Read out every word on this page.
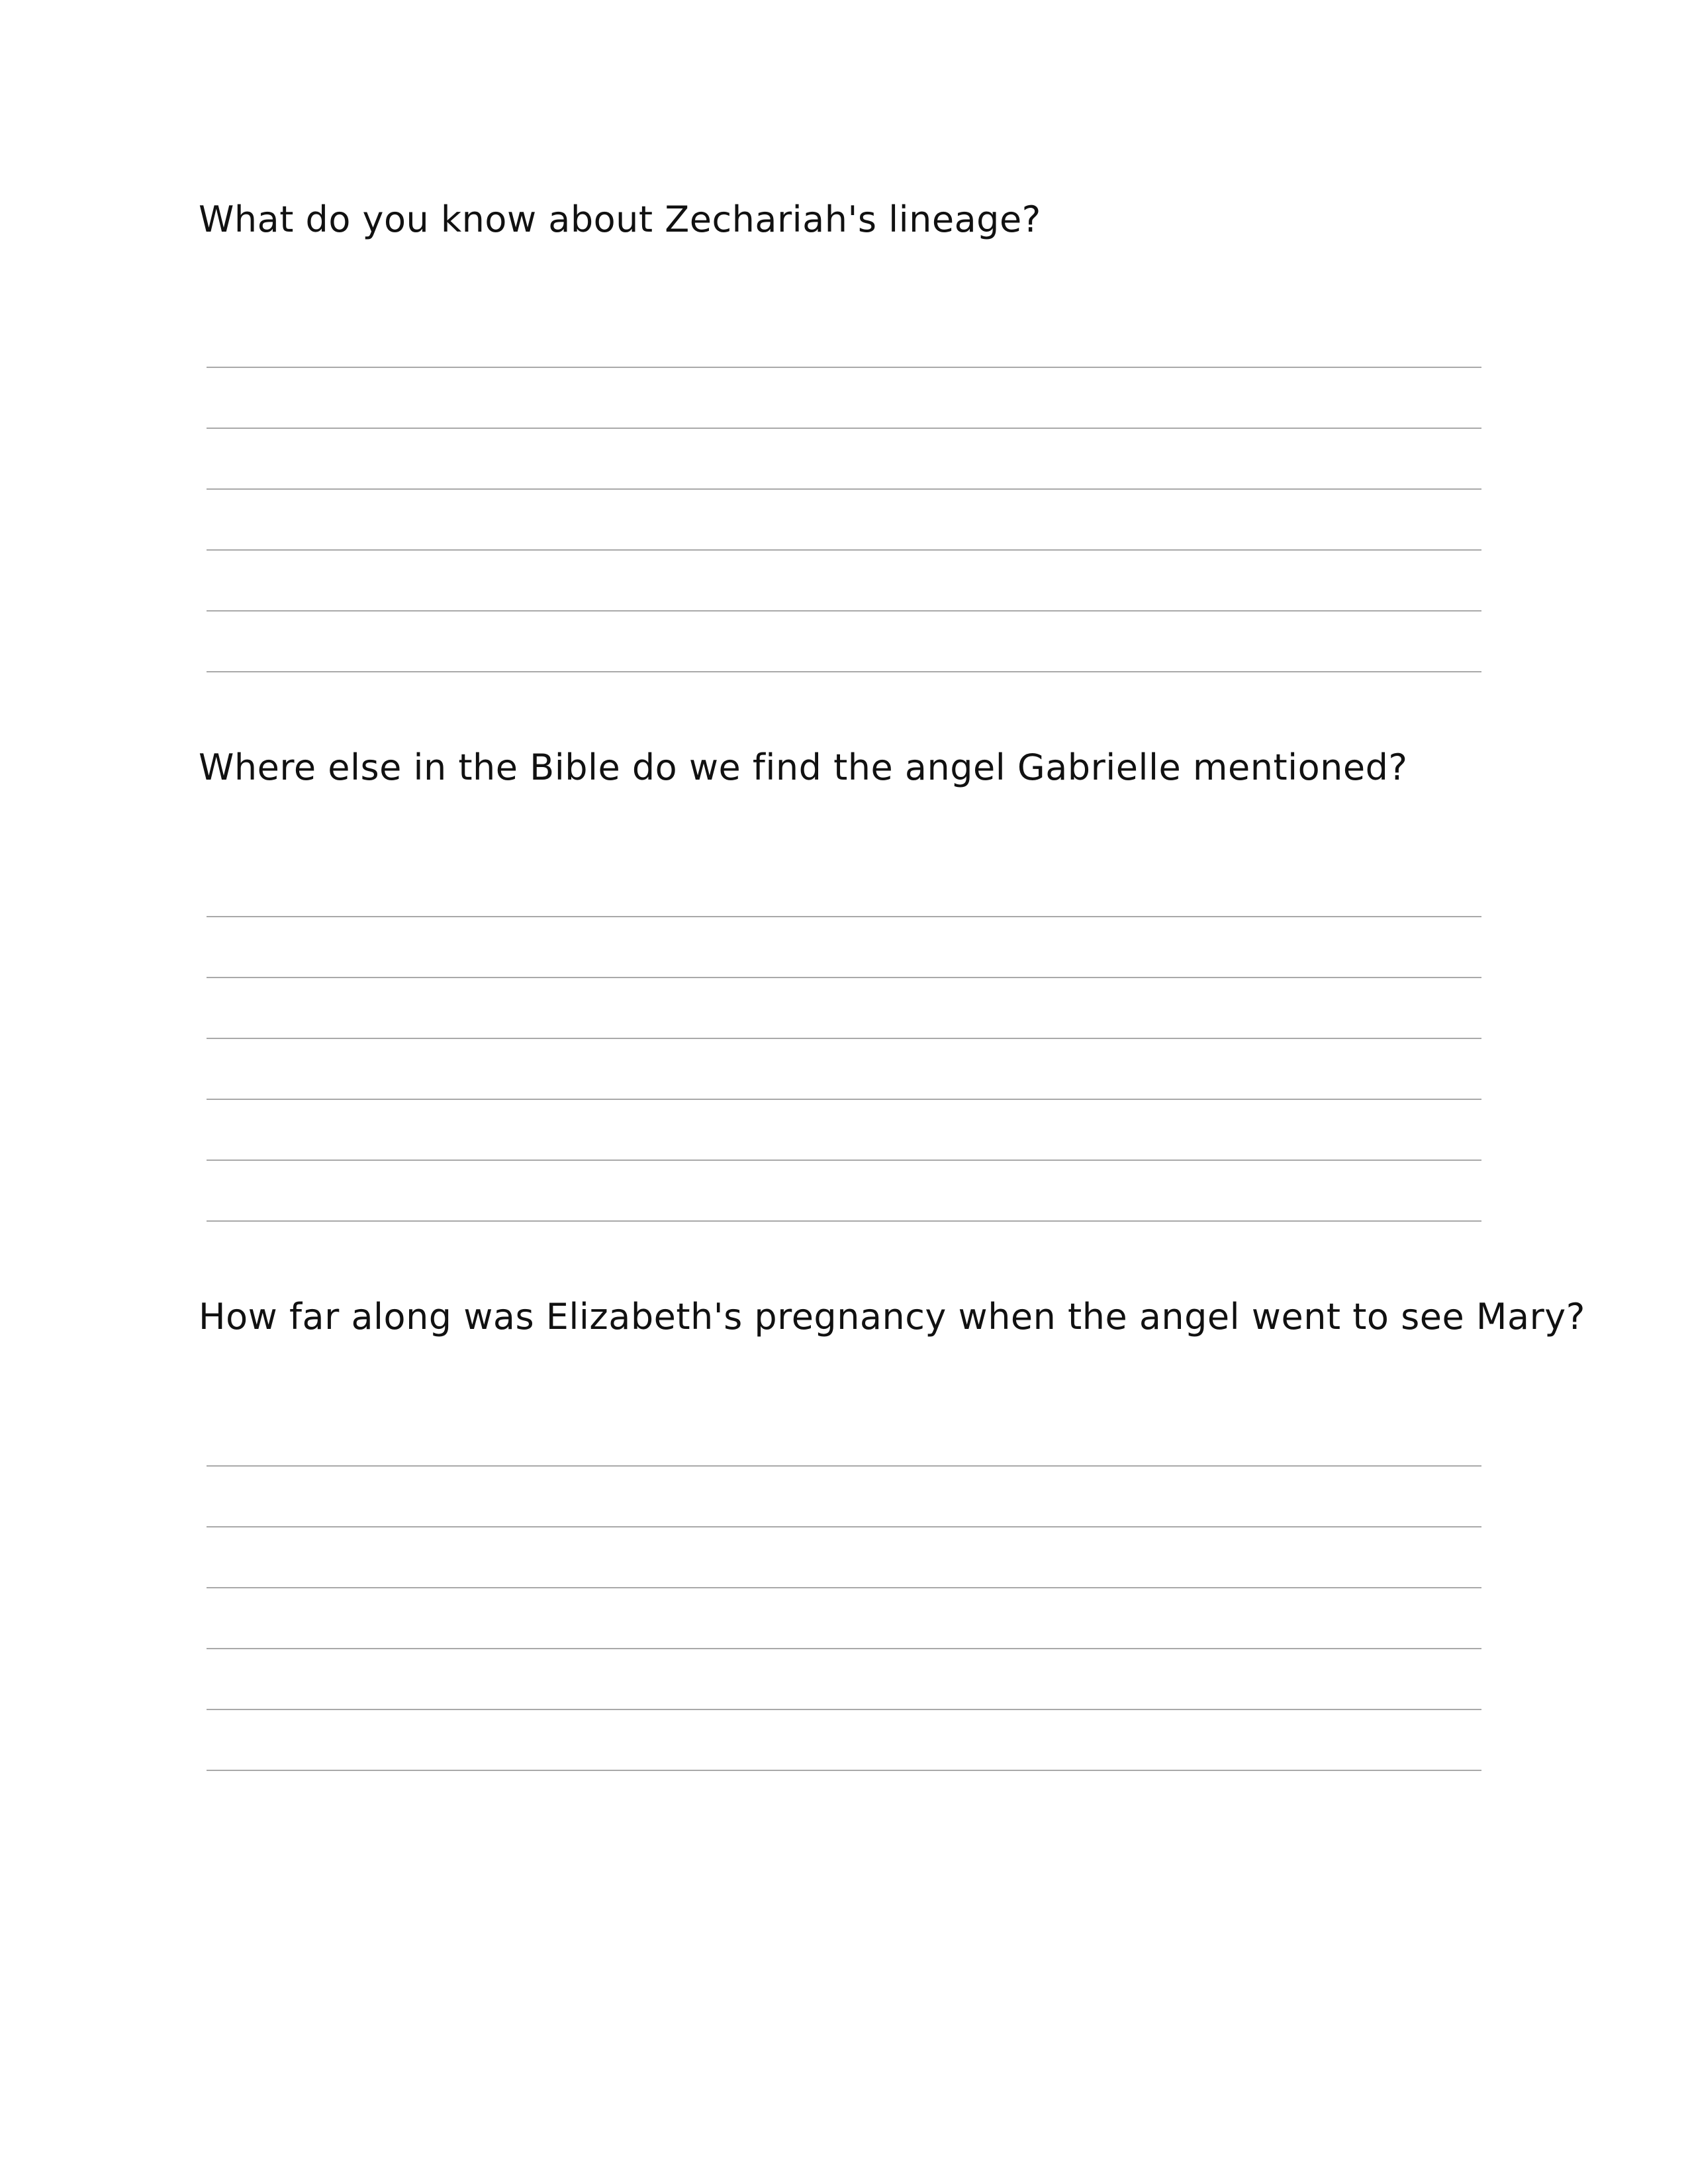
What do you know about Zechariah's lineage?
Where else in the Bible do we find the angel Gabrielle mentioned?
How far along was Elizabeth's pregnancy when the angel went to see Mary?
